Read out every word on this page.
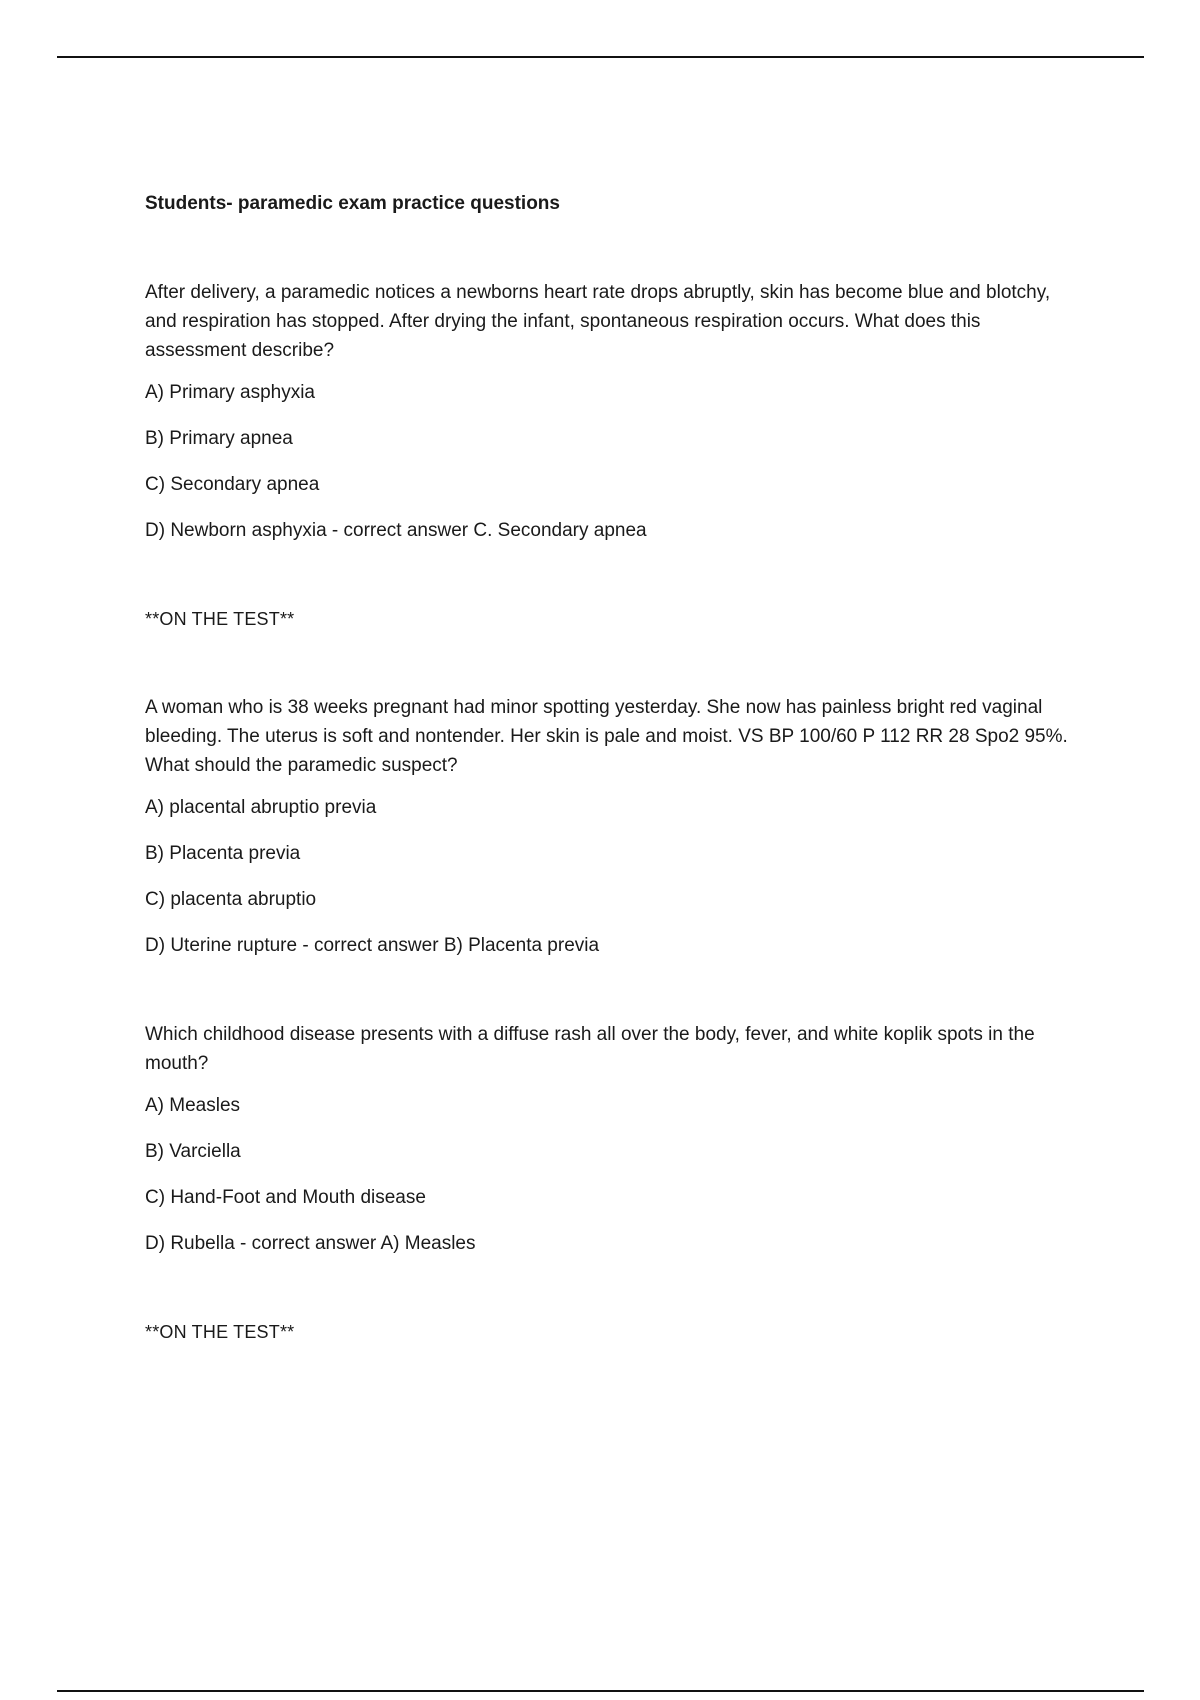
Students- paramedic exam practice questions

After delivery, a paramedic notices a newborns heart rate drops abruptly, skin has become blue and blotchy, and respiration has stopped. After drying the infant, spontaneous respiration occurs. What does this assessment describe?

A) Primary asphyxia

B) Primary apnea

C) Secondary apnea

D) Newborn asphyxia - correct answer C. Secondary apnea

**ON THE TEST**

A woman who is 38 weeks pregnant had minor spotting yesterday. She now has painless bright red vaginal bleeding. The uterus is soft and nontender. Her skin is pale and moist. VS BP 100/60 P 112 RR 28 Spo2 95%. What should the paramedic suspect?

A) placental abruptio previa

B) Placenta previa

C) placenta abruptio

D) Uterine rupture - correct answer B) Placenta previa

Which childhood disease presents with a diffuse rash all over the body, fever, and white koplik spots in the mouth?

A) Measles

B) Varciella

C) Hand-Foot and Mouth disease

D) Rubella - correct answer A) Measles

**ON THE TEST**
